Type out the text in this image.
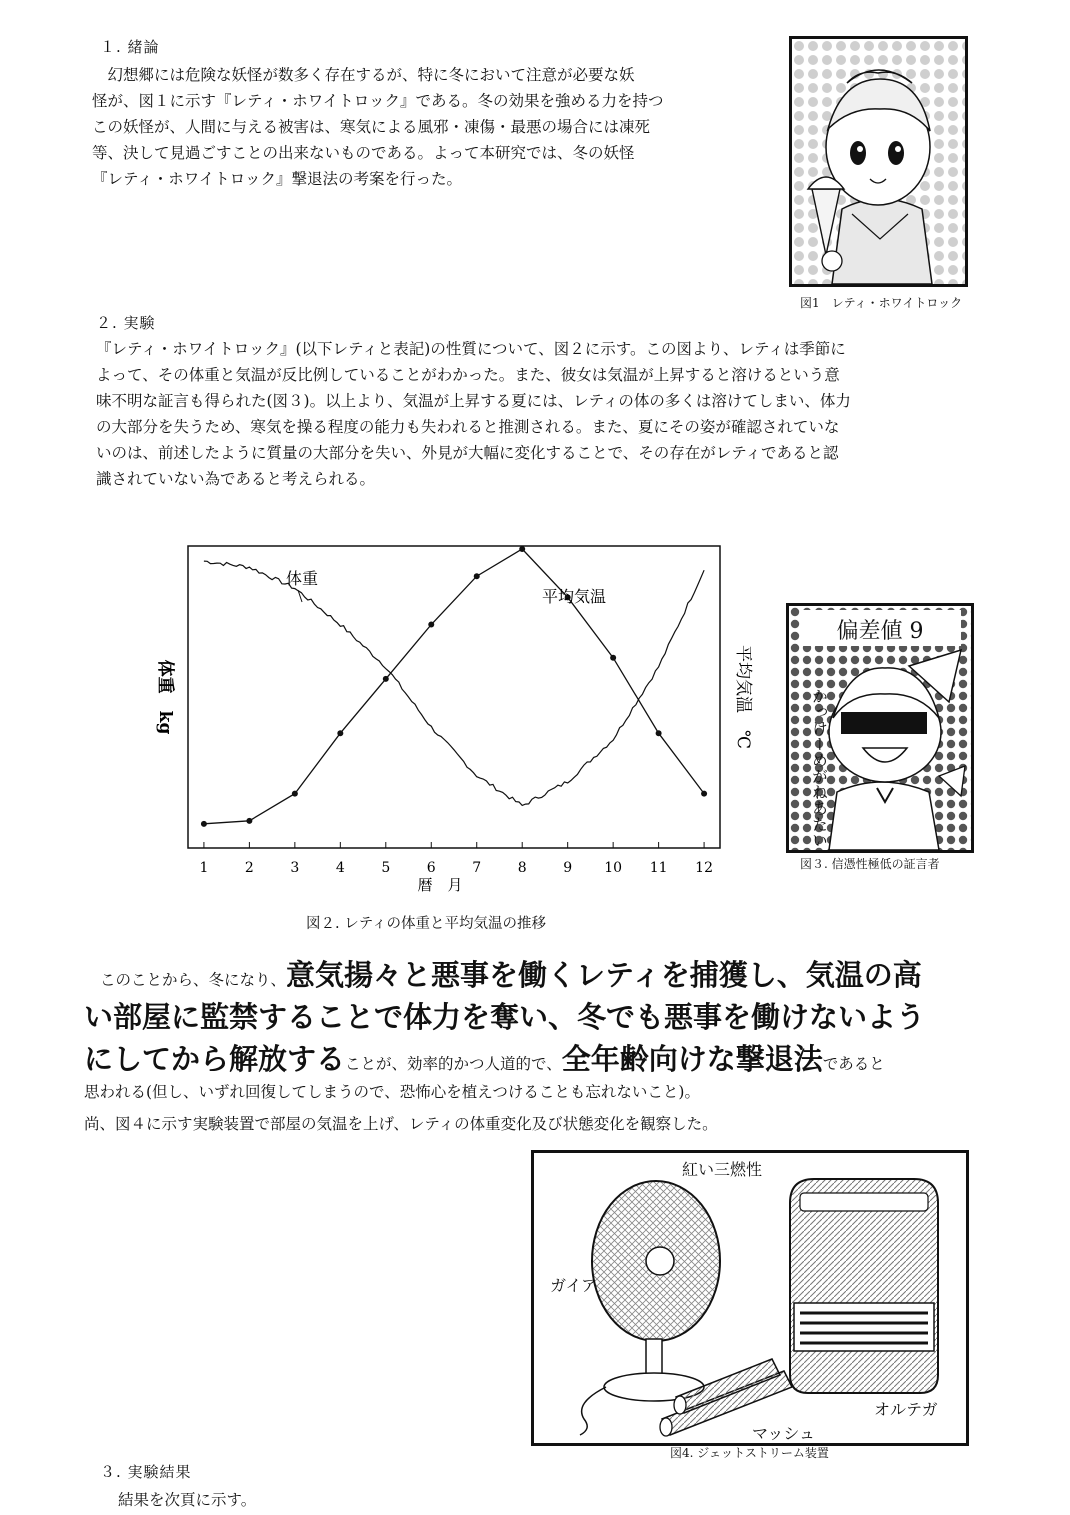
１. 緒論
　幻想郷には危険な妖怪が数多く存在するが、特に冬において注意が必要な妖
怪が、図１に示す『レティ・ホワイトロック』である。冬の効果を強める力を持つ
この妖怪が、人間に与える被害は、寒気による風邪・凍傷・最悪の場合には凍死
等、決して見過ごすことの出来ないものである。よって本研究では、冬の妖怪
『レティ・ホワイトロック』撃退法の考案を行った。
図1　レティ・ホワイトロック
２. 実験
『レティ・ホワイトロック』(以下レティと表記)の性質について、図２に示す。この図より、レティは季節に
よって、その体重と気温が反比例していることがわかった。また、彼女は気温が上昇すると溶けるという意
味不明な証言も得られた(図３)。以上より、気温が上昇する夏には、レティの体の多くは溶けてしまい、体力
の大部分を失うため、寒気を操る程度の能力も失われると推測される。また、夏にその姿が確認されていな
いのは、前述したように質量の大部分を失い、外見が大幅に変化することで、その存在がレティであると認
識されていない為であると考えられる。
1	2	3	4	5	6	7	8	9 10 11 12
体重　kg	平均気温　℃
暦　月
体重
平均気温
図２. レティの体重と平均気温の推移
偏差値 9
かっけーめがねあたい
図３. 信憑性極低の証言者
このことから、冬になり、意気揚々と悪事を働くレティを捕獲し、気温の高
い部屋に監禁することで体力を奪い、冬でも悪事を働けないよう
にしてから解放することが、効率的かつ人道的で、全年齢向けな撃退法であると
思われる(但し、いずれ回復してしまうので、恐怖心を植えつけることも忘れないこと)。
尚、図４に示す実験装置で部屋の気温を上げ、レティの体重変化及び状態変化を観察した。
紅い三燃性
ガイア
オルテガ
マッシュ
図4. ジェットストリーム装置
３. 実験結果
結果を次頁に示す。
